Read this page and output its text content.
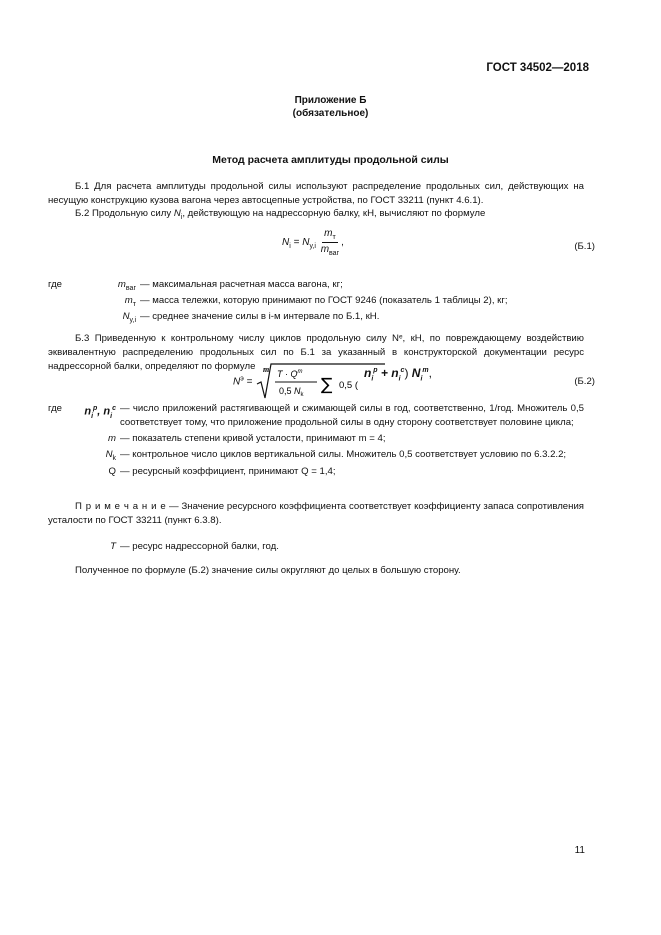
ГОСТ 34502—2018
Приложение Б
(обязательное)
Метод расчета амплитуды продольной силы
Б.1 Для расчета амплитуды продольной силы используют распределение продольных сил, действующих на несущую конструкцию кузова вагона через автосцепные устройства, по ГОСТ 33211 (пункт 4.6.1).
Б.2 Продольную силу $N_i$, действующую на надрессорную балку, кН, вычисляют по формуле
$N_i = N_{y,i} \frac{m_т}{m_{ваг}}$ ,	(Б.1)
где	$m_{ваг}$ — максимальная расчетная масса вагона, кг;
$m_т$ — масса тележки, которую принимают по ГОСТ 9246 (показатель 1 таблицы 2), кг;
$N_{y,i}$ — среднее значение силы в i-м интервале по Б.1, кН.
Б.3 Приведенную к контрольному числу циклов продольную силу Nᵉ, кН, по повреждающему воздействию эквивалентную распределению продольных сил по Б.1 за указанный в конструкторской документации ресурс надрессорной балки, определяют по формуле
$N^э$ =
m $T \cdot Q^m$
0,5 $N_k$ ∑ 0,5 (
$n_i^p + n_i^c$) $N_i^m$,
(Б.2)
где	$n_i^p$, $n_i^c$ — число приложений растягивающей и сжимающей силы в год, соответственно, 1/год. Множитель 0,5 соответствует тому, что приложение продольной силы в одну сторону соответствует половине цикла;
m — показатель степени кривой усталости, принимают m = 4;
$N_k$ — контрольное число циклов вертикальной силы. Множитель 0,5 соответствует условию по 6.3.2.2;
Q — ресурсный коэффициент, принимают Q = 1,4;
П р и м е ч а н и е — Значение ресурсного коэффициента соответствует коэффициенту запаса сопротивления усталости по ГОСТ 33211 (пункт 6.3.8).
T — ресурс надрессорной балки, год.
Полученное по формуле (Б.2) значение силы округляют до целых в большую сторону.
11
